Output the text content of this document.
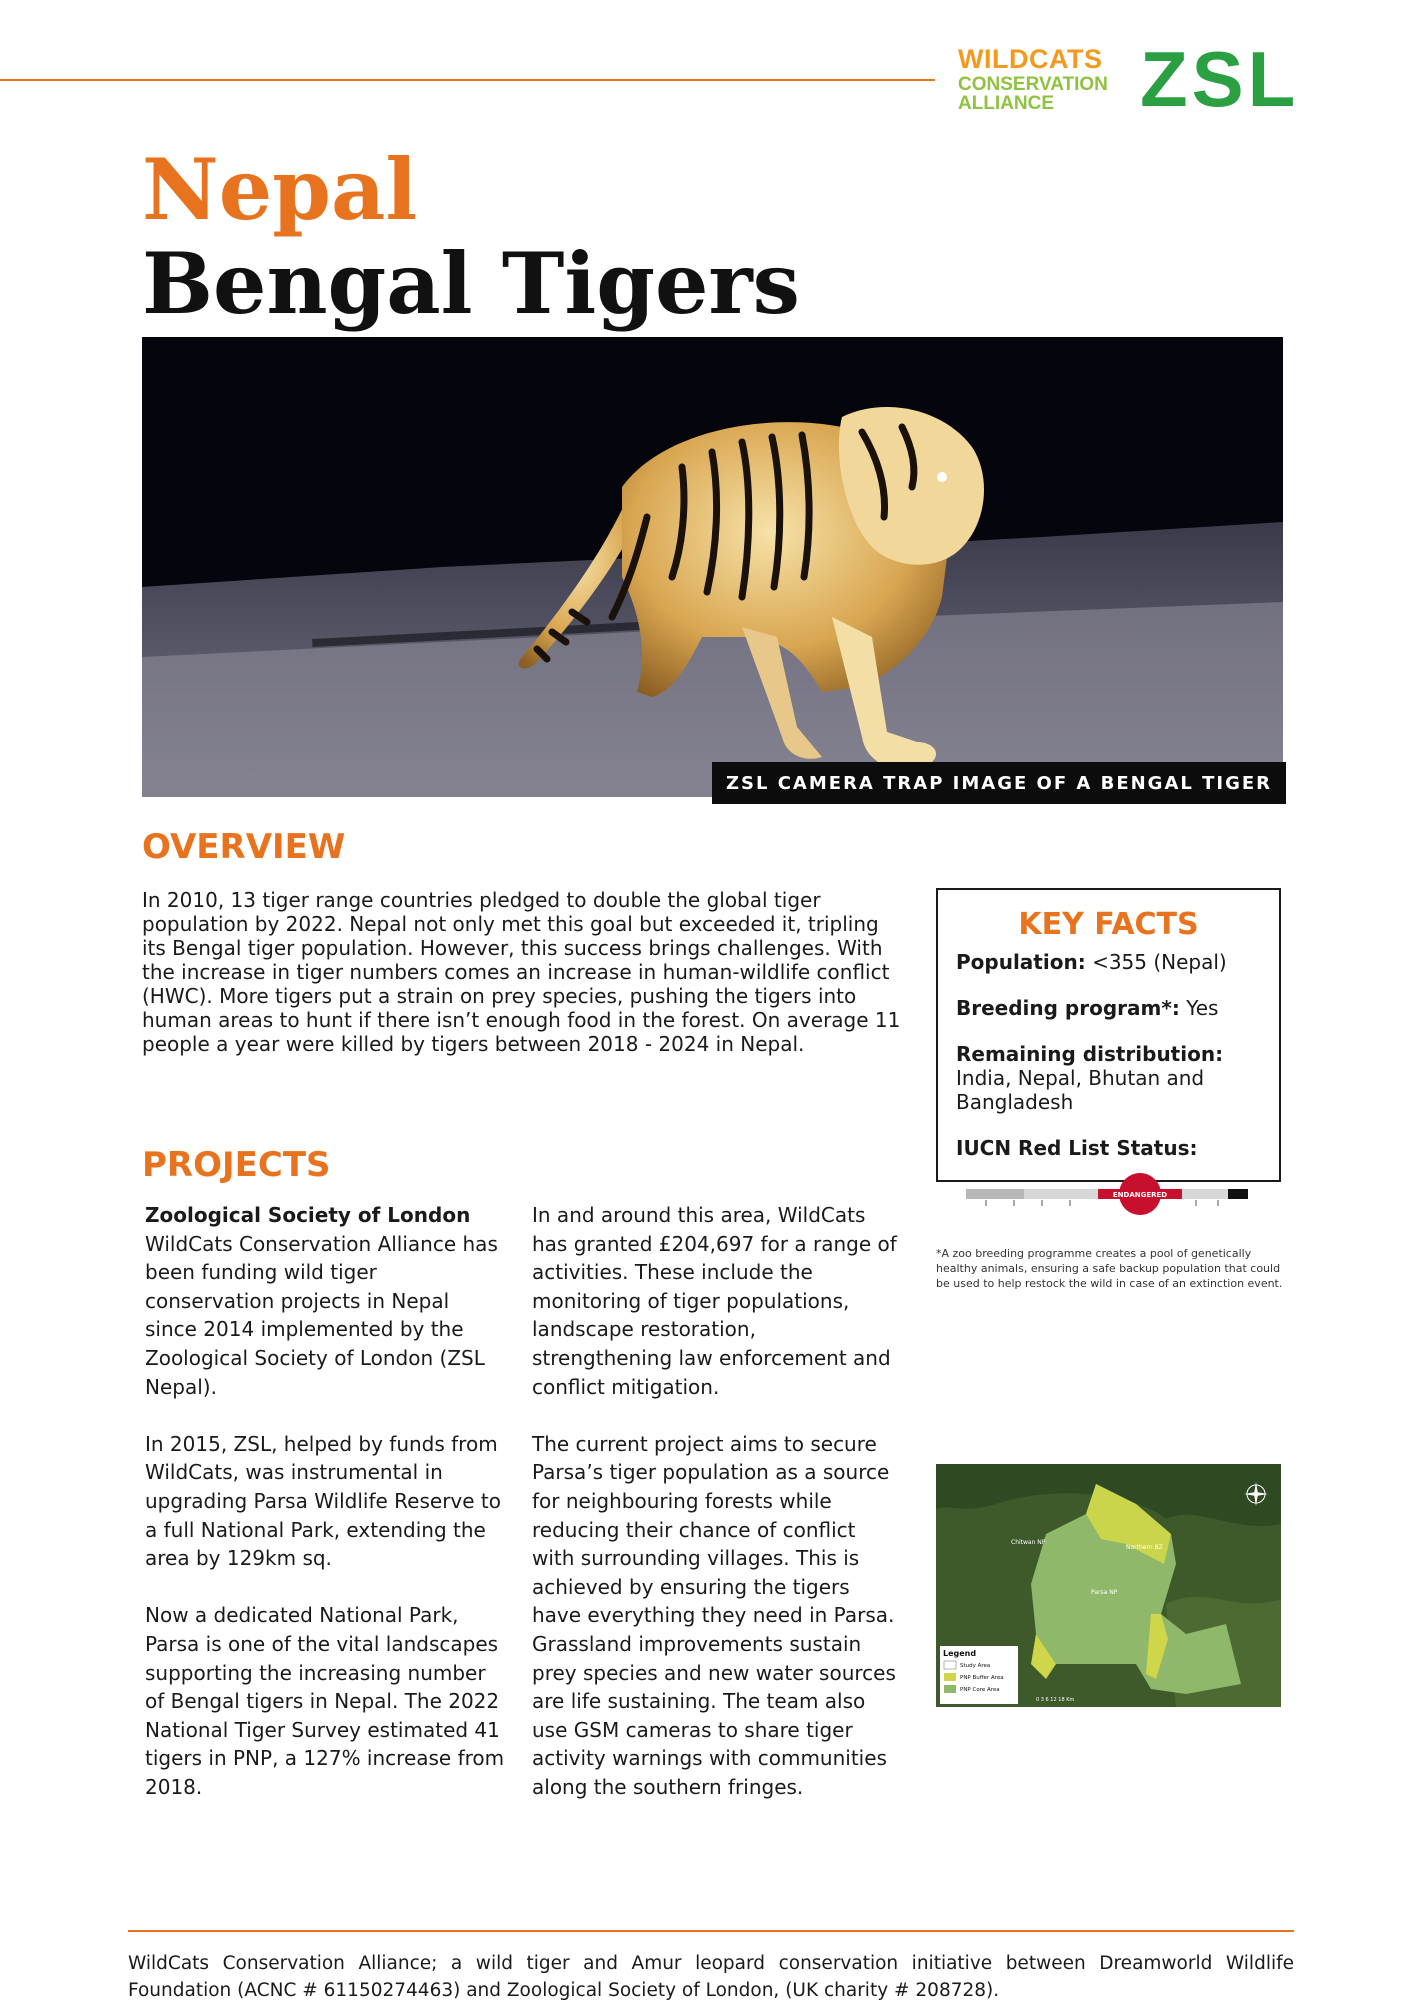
WILDCATS
CONSERVATION
ALLIANCE	ZSL
Nepal
Bengal Tigers
ZSL CAMERA TRAP IMAGE OF A BENGAL TIGER
OVERVIEW
In 2010, 13 tiger range countries pledged to double the global tiger population by 2022. Nepal not only met this goal but exceeded it, tripling its Bengal tiger population. However, this success brings challenges. With the increase in tiger numbers comes an increase in human-wildlife conflict (HWC). More tigers put a strain on prey species, pushing the tigers into human areas to hunt if there isn’t enough food in the forest. On average 11 people a year were killed by tigers between 2018 - 2024 in Nepal.
PROJECTS

Zoological Society of London
WildCats Conservation Alliance has been funding wild tiger conservation projects in Nepal since 2014 implemented by the Zoological Society of London (ZSL Nepal).

In 2015, ZSL, helped by funds from WildCats, was instrumental in upgrading Parsa Wildlife Reserve to a full National Park, extending the area by 129km sq.

Now a dedicated National Park, Parsa is one of the vital landscapes supporting the increasing number of Bengal tigers in Nepal. The 2022 National Tiger Survey estimated 41 tigers in PNP, a 127% increase from 2018.

In and around this area, WildCats has granted £204,697 for a range of activities. These include the monitoring of tiger populations, landscape restoration, strengthening law enforcement and conflict mitigation.

The current project aims to secure Parsa’s tiger population as a source for neighbouring forests while reducing their chance of conflict with surrounding villages. This is achieved by ensuring the tigers have everything they need in Parsa. Grassland improvements sustain prey species and new water sources are life sustaining. The team also use GSM cameras to share tiger activity warnings with communities along the southern fringes.

KEY FACTS
Population: <355 (Nepal)
Breeding program*: Yes
Remaining distribution:
India, Nepal, Bhutan and Bangladesh
IUCN Red List Status:
ENDANGERED
*A zoo breeding programme creates a pool of genetically healthy animals, ensuring a safe backup population that could be used to help restock the wild in case of an extinction event.
Chitwan NP
Parsa NP
Northern BZ
Legend
Study Area
PNP Buffer Area
PNP Core Area
0 3 6 12 18 Km
WildCats Conservation Alliance; a wild tiger and Amur leopard conservation initiative between Dreamworld Wildlife Foundation (ACNC # 61150274463) and Zoological Society of London, (UK charity # 208728).
